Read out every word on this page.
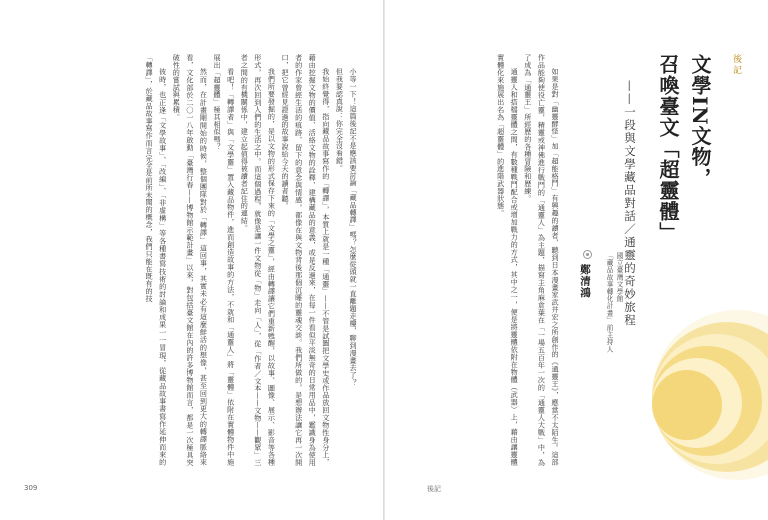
小等一下！這篇後記不是應該要討論「藏品轉譯」嗎？怎麼從頭就一直離題走樓，聊到漫畫去了？

但我要認真說：你完全沒看錯。

我始終覺得，指向藏品故事寫作的「轉譯」，本質上就是一種「通靈」——不管是試圖把文學史或作品放回文物性身分上，藉由挖掘文物的價值、活絡文物的詮釋、建構藏品的意義，或是反過來，在每一件看似平淡無奇的日常用品中，鑑識身為使用者的作家曾經生活的痕跡、留下的意念與情感，都像在與文物背後那個沉睡的靈魂交談。我們所做的，是想辦法讓它再一次開口，把它曾經見證過的故事說給今天的讀者聽。

我們所要發掘的，是以文物的形式保存下來的「文學之靈」，經由轉譯讓它們重新甦醒，以故事、圖像、展示、影音等各種形式，再次回到人們的生活之中。而這個過程，就像是讓一件文物從「物」走向「人」，從「作者／文本——文物——觀眾」三者之間的有機關係中，建立起值得被讀者記住的連結。

看吧！「轉譯者」與「文學靈」置入藏品物件，進而創造故事的方法，不就和「通靈人」將「靈體」依附在實體物件中施展出「超靈體」極其相似嗎？

然而，在計畫剛開始的時候，整個團隊對於「轉譯」這回事，其實未必有這麼鮮活的想像，甚至回到更大的轉譯脈絡來看，文化部於二〇一八年啟動「臺灣行春——博物館示範計畫」以來，對包括臺文館在內的許多博物館而言，都是一次極具突破性的嘗試與累積。

彼時，也正逢「文學故事」、「改編」、「非虛構」等各種書寫技術的討論和成果一一冒現，從藏品故事書寫作延伸而來的「轉譯」，於藏品故事寫作而言完全是前所未聞的概念，我們只能在既有的技

309
後記
文學IN文物，
召喚臺文「超靈體」
——一段與文學藏品對話／通靈的奇妙旅程
國立臺灣文學館
「藏品故事轉化計畫」前主持人
鄭清鴻

如果是對「幽靈酵怪」加「超能格鬥」有興趣的讀者，聽到日本漫畫家武井宏之所創作的《通靈王》，應當不太陌生。這部作品能夠使役亡靈，精靈或神佛進行戰鬥的「通靈人」為主題，描寫主角麻倉葉在「一場五百年一次的「通靈人大戰」中，為了成為「通靈王」所經歷的各種冒險和歷練。

通靈人和搭檔靈體之間，有數種戰鬥配合或增加戰力的方式，其中之一，便是將靈體依附在物體（武器）上，藉由讓靈體實體化來施展出名為「超靈體」的進階武器狀態。

後記
